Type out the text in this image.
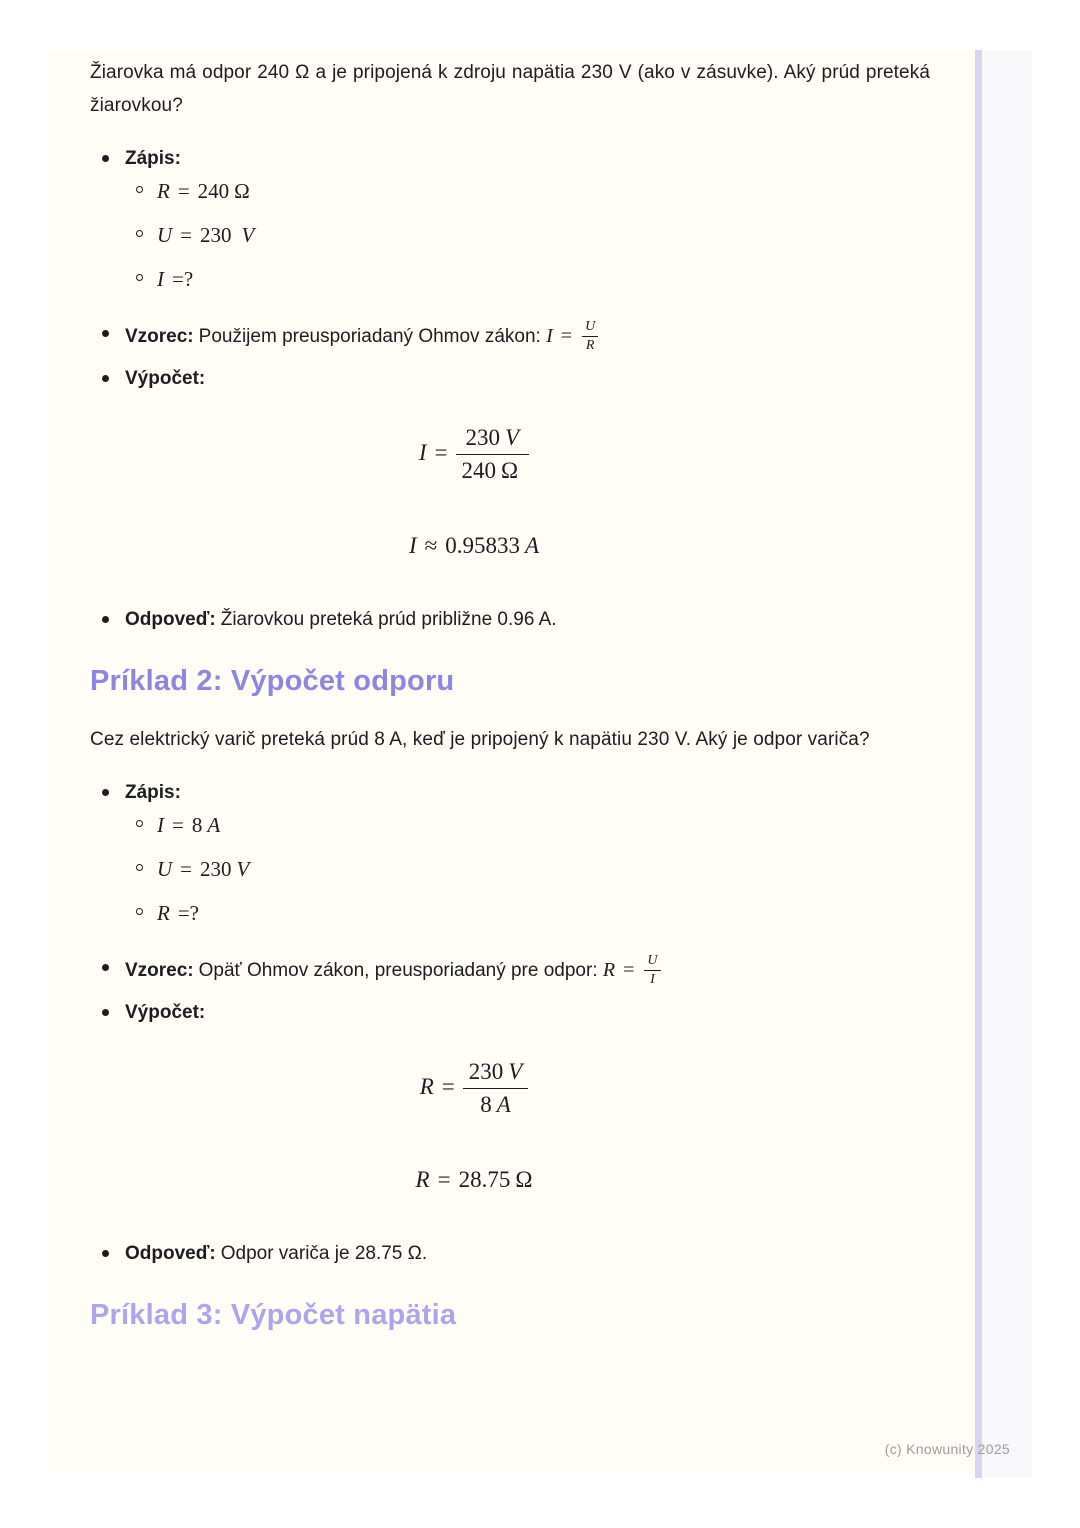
Žiarovka má odpor 240 Ω a je pripojená k zdroju napätia 230 V (ako v zásuvke). Aký prúd preteká žiarovkou?

Zápis:
R = 240 Ω
U = 230 V
I =?
Vzorec: Použijem preusporiadaný Ohmov zákon: $I = \frac{U}{R}$
Výpočet:
$I = \frac{230 V}{240 \Omega}$
I ≈ 0.95833 A
Odpoveď: Žiarovkou preteká prúd približne 0.96 A.
Príklad 2: Výpočet odporu

Cez elektrický varič preteká prúd 8 A, keď je pripojený k napätiu 230 V. Aký je odpor variča?

Zápis:
I = 8 A
U = 230 V
R =?
Vzorec: Opäť Ohmov zákon, preusporiadaný pre odpor: $R = \frac{U}{I}$
Výpočet:
$R = \frac{230 V}{8 A}$
R = 28.75 Ω
Odpoveď: Odpor variča je 28.75 Ω.
Príklad 3: Výpočet napätia
(c) Knowunity 2025
